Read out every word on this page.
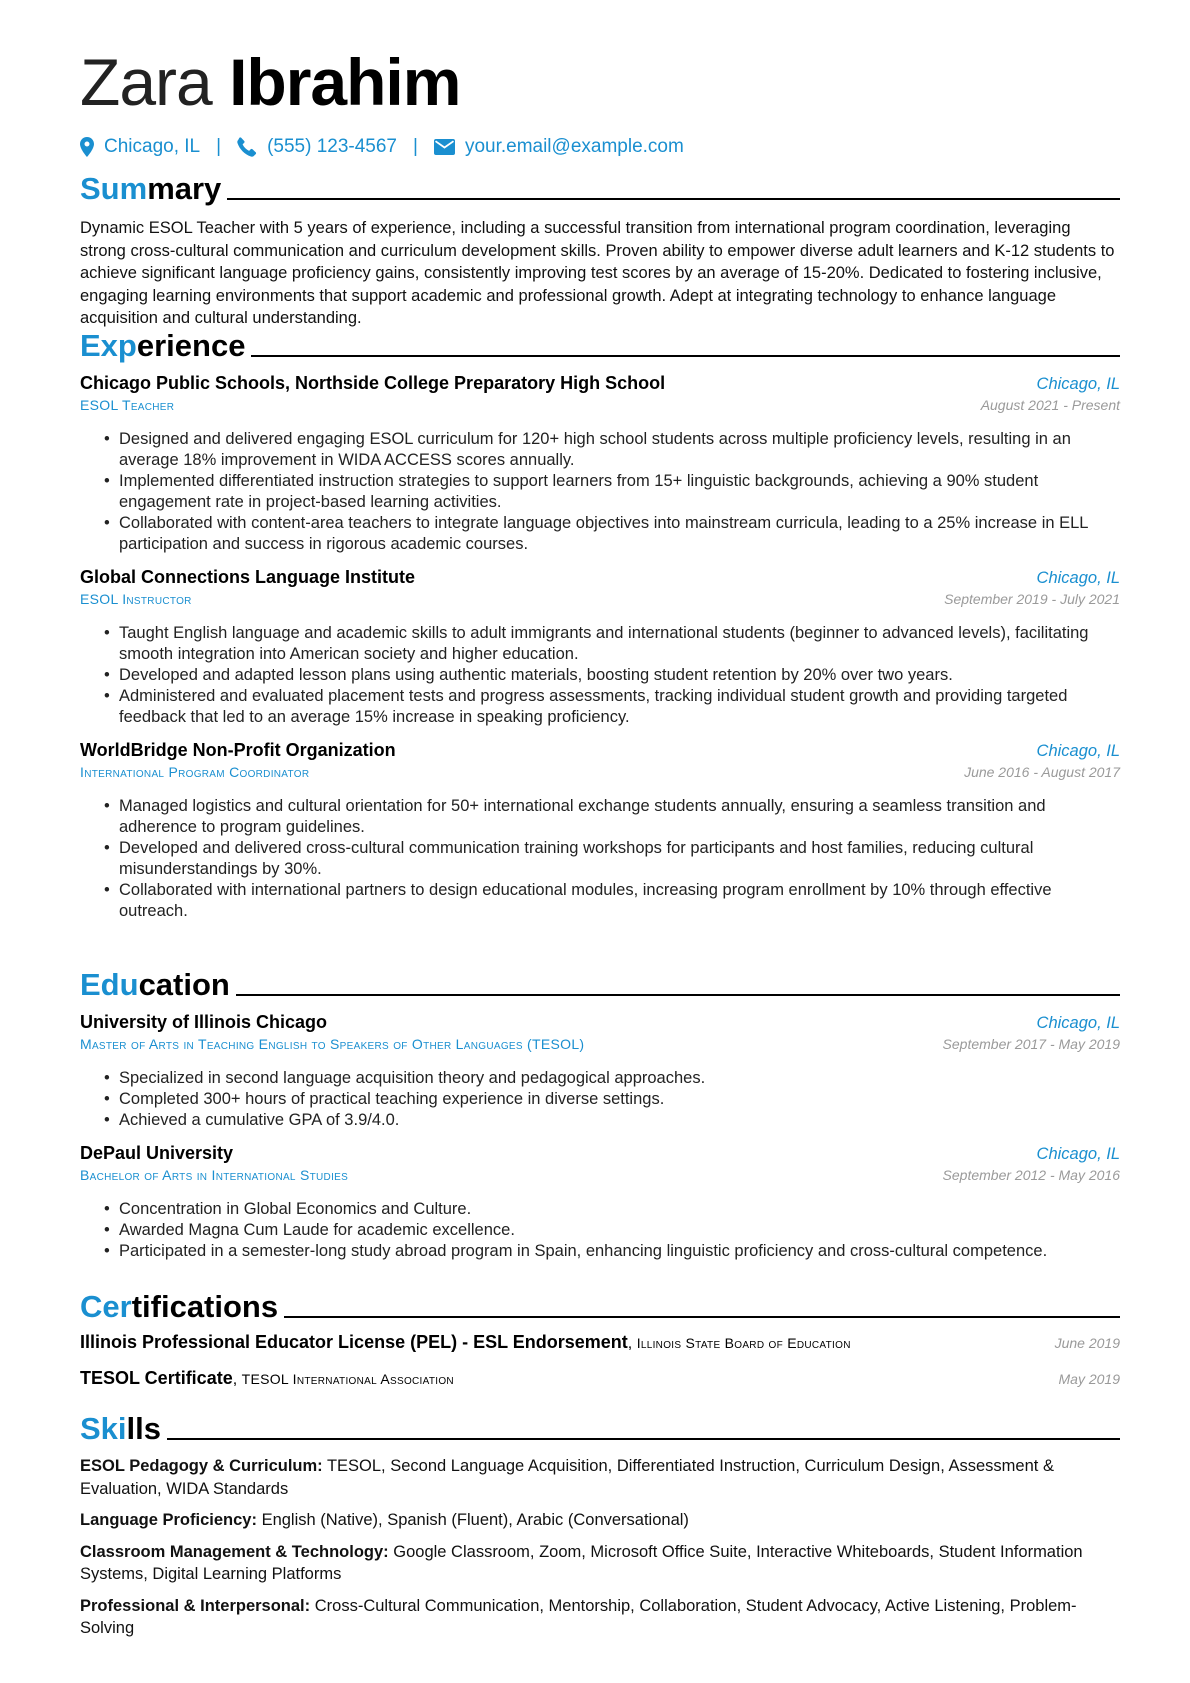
Zara Ibrahim
Chicago, IL | (555) 123-4567 | your.email@example.com
Summary
Dynamic ESOL Teacher with 5 years of experience, including a successful transition from international program coordination, leveraging strong cross-cultural communication and curriculum development skills. Proven ability to empower diverse adult learners and K-12 students to achieve significant language proficiency gains, consistently improving test scores by an average of 15-20%. Dedicated to fostering inclusive, engaging learning environments that support academic and professional growth. Adept at integrating technology to enhance language acquisition and cultural understanding.
Experience
Chicago Public Schools, Northside College Preparatory High School	Chicago, IL
ESOL Teacher	August 2021 - Present
• Designed and delivered engaging ESOL curriculum for 120+ high school students across multiple proficiency levels, resulting in an average 18% improvement in WIDA ACCESS scores annually.
• Implemented differentiated instruction strategies to support learners from 15+ linguistic backgrounds, achieving a 90% student engagement rate in project-based learning activities.
• Collaborated with content-area teachers to integrate language objectives into mainstream curricula, leading to a 25% increase in ELL participation and success in rigorous academic courses.
Global Connections Language Institute	Chicago, IL
ESOL Instructor	September 2019 - July 2021
• Taught English language and academic skills to adult immigrants and international students (beginner to advanced levels), facilitating smooth integration into American society and higher education.
• Developed and adapted lesson plans using authentic materials, boosting student retention by 20% over two years.
• Administered and evaluated placement tests and progress assessments, tracking individual student growth and providing targeted feedback that led to an average 15% increase in speaking proficiency.
WorldBridge Non-Profit Organization	Chicago, IL
International Program Coordinator	June 2016 - August 2017
• Managed logistics and cultural orientation for 50+ international exchange students annually, ensuring a seamless transition and adherence to program guidelines.
• Developed and delivered cross-cultural communication training workshops for participants and host families, reducing cultural misunderstandings by 30%.
• Collaborated with international partners to design educational modules, increasing program enrollment by 10% through effective outreach.
Education
University of Illinois Chicago	Chicago, IL
Master of Arts in Teaching English to Speakers of Other Languages (TESOL)	September 2017 - May 2019
• Specialized in second language acquisition theory and pedagogical approaches.
• Completed 300+ hours of practical teaching experience in diverse settings.
• Achieved a cumulative GPA of 3.9/4.0.
DePaul University	Chicago, IL
Bachelor of Arts in International Studies	September 2012 - May 2016
• Concentration in Global Economics and Culture.
• Awarded Magna Cum Laude for academic excellence.
• Participated in a semester-long study abroad program in Spain, enhancing linguistic proficiency and cross-cultural competence.
Certifications
Illinois Professional Educator License (PEL) - ESL Endorsement, Illinois State Board of Education	June 2019
TESOL Certificate, TESOL International Association	May 2019
Skills
ESOL Pedagogy & Curriculum: TESOL, Second Language Acquisition, Differentiated Instruction, Curriculum Design, Assessment & Evaluation, WIDA Standards
Language Proficiency: English (Native), Spanish (Fluent), Arabic (Conversational)
Classroom Management & Technology: Google Classroom, Zoom, Microsoft Office Suite, Interactive Whiteboards, Student Information Systems, Digital Learning Platforms
Professional & Interpersonal: Cross-Cultural Communication, Mentorship, Collaboration, Student Advocacy, Active Listening, Problem-Solving
